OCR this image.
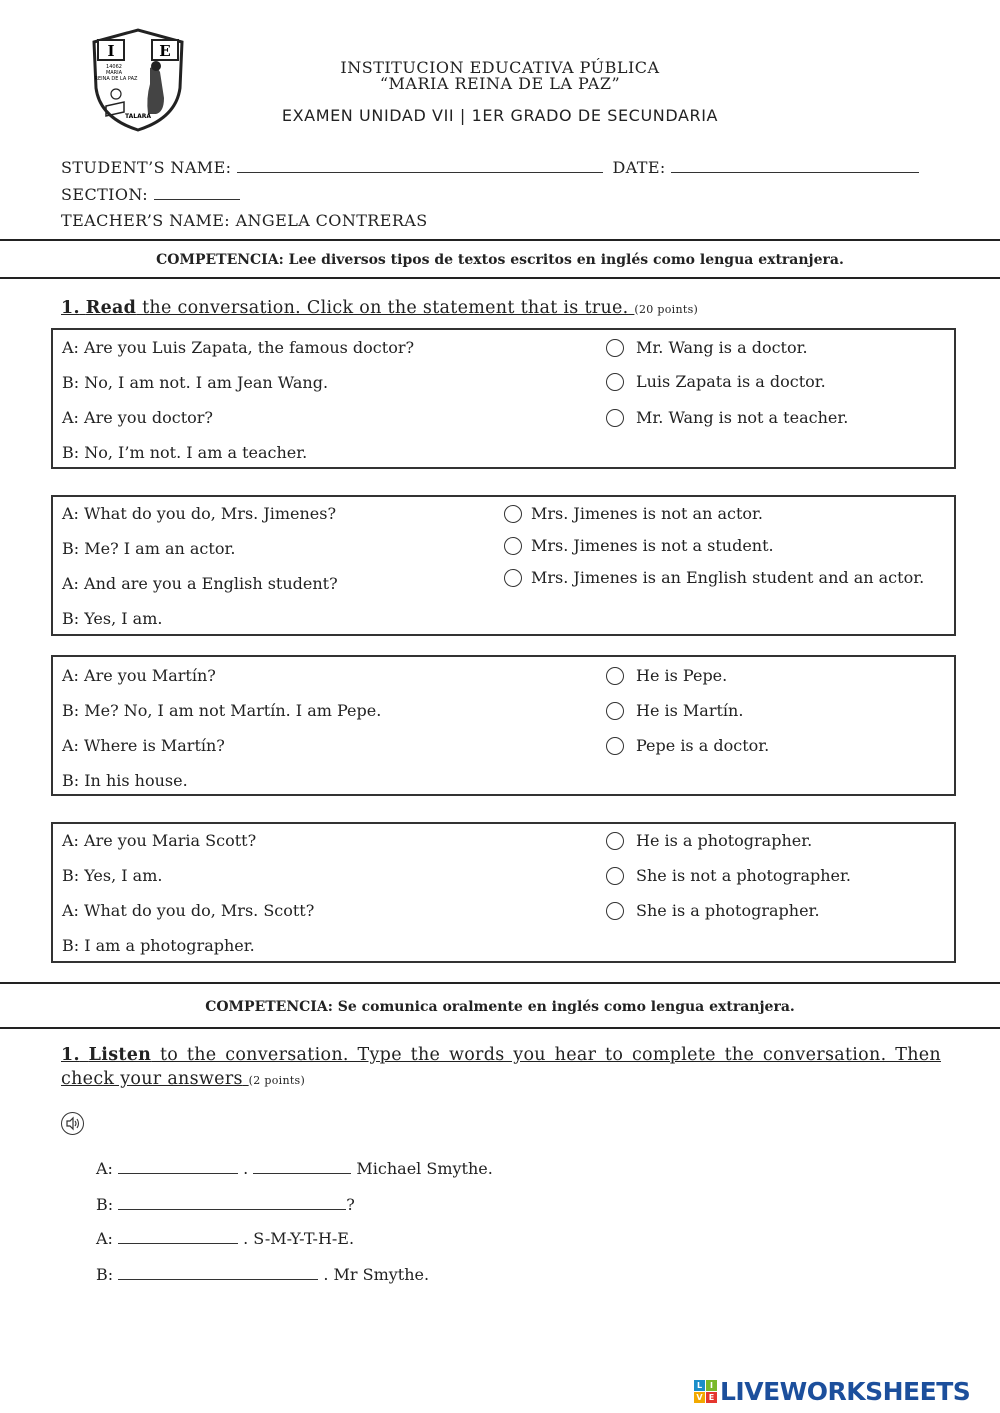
I	E
14062
MARIA
REINA DE LA PAZ
TALARA
INSTITUCION EDUCATIVA PÚBLICA
“MARIA REINA DE LA PAZ”
EXAMEN UNIDAD VII | 1ER GRADO DE SECUNDARIA
STUDENT’S NAME:	DATE:
SECTION:
TEACHER’S NAME: ANGELA CONTRERAS
COMPETENCIA: Lee diversos tipos de textos escritos en inglés como lengua extranjera.
1. Read the conversation. Click on the statement that is true. (20 points)
A: Are you Luis Zapata, the famous doctor?
B: No, I am not. I am Jean Wang.
A: Are you doctor?
B: No, I’m not. I am a teacher.
Mr. Wang is a doctor.
Luis Zapata is a doctor.
Mr. Wang is not a teacher.
A: What do you do, Mrs. Jimenes?
B: Me? I am an actor.
A: And are you a English student?
B: Yes, I am.
Mrs. Jimenes is not an actor.
Mrs. Jimenes is not a student.
Mrs. Jimenes is an English student and an actor.
A: Are you Martín?
B: Me? No, I am not Martín. I am Pepe.
A: Where is Martín?
B: In his house.
He is Pepe.
He is Martín.
Pepe is a doctor.
A: Are you Maria Scott?
B: Yes, I am.
A: What do you do, Mrs. Scott?
B: I am a photographer.
He is a photographer.
She is not a photographer.
She is a photographer.
COMPETENCIA: Se comunica oralmente en inglés como lengua extranjera.
1. Listen to the conversation. Type the words you hear to complete the conversation. Then check your answers (2 points)
A:	.	Michael Smythe.
B:	?
A:	. S-M-Y-T-H-E.
B:	. Mr Smythe.
L I
V E LIVEWORKSHEETS
